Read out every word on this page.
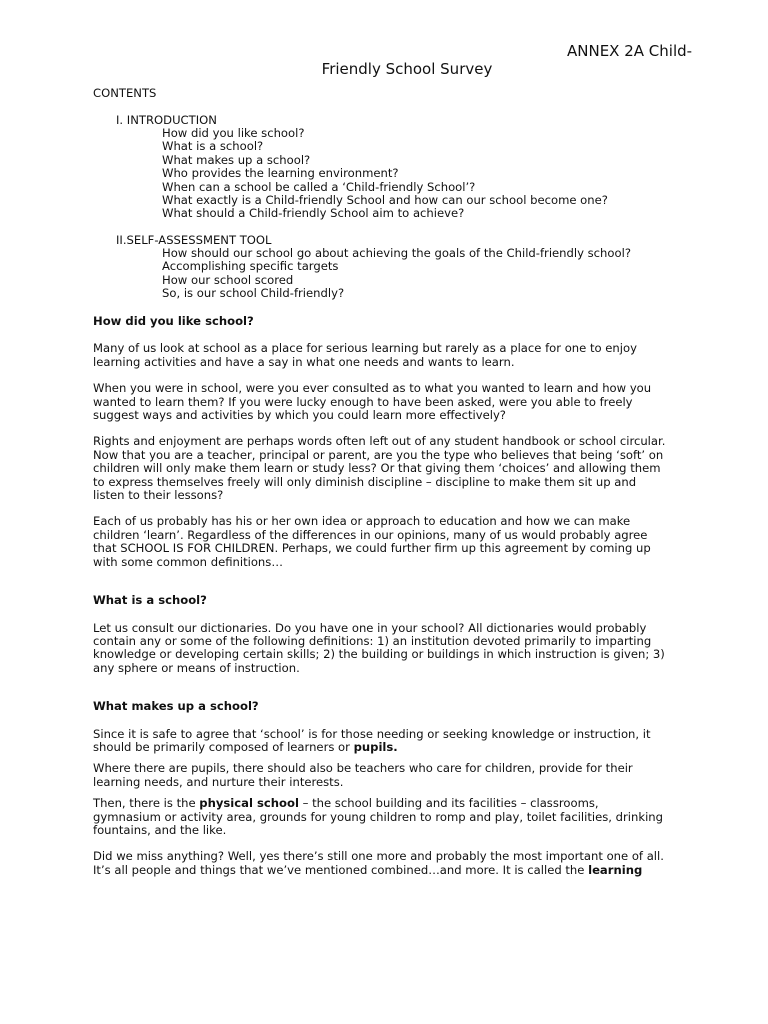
ANNEX 2A Child-
Friendly School Survey
CONTENTS
I. INTRODUCTION
How did you like school?
What is a school?
What makes up a school?
Who provides the learning environment?
When can a school be called a ‘Child-friendly School’?
What exactly is a Child-friendly School and how can our school become one?
What should a Child-friendly School aim to achieve?
II.SELF-ASSESSMENT TOOL
How should our school go about achieving the goals of the Child-friendly school?
Accomplishing specific targets
How our school scored
So, is our school Child-friendly?
How did you like school?

Many of us look at school as a place for serious learning but rarely as a place for one to enjoy
learning activities and have a say in what one needs and wants to learn.

When you were in school, were you ever consulted as to what you wanted to learn and how you
wanted to learn them? If you were lucky enough to have been asked, were you able to freely
suggest ways and activities by which you could learn more effectively?

Rights and enjoyment are perhaps words often left out of any student handbook or school circular.
Now that you are a teacher, principal or parent, are you the type who believes that being ‘soft’ on
children will only make them learn or study less? Or that giving them ‘choices’ and allowing them
to express themselves freely will only diminish discipline – discipline to make them sit up and
listen to their lessons?

Each of us probably has his or her own idea or approach to education and how we can make
children ‘learn’. Regardless of the differences in our opinions, many of us would probably agree
that SCHOOL IS FOR CHILDREN. Perhaps, we could further firm up this agreement by coming up
with some common definitions…

What is a school?

Let us consult our dictionaries. Do you have one in your school? All dictionaries would probably
contain any or some of the following definitions: 1) an institution devoted primarily to imparting
knowledge or developing certain skills; 2) the building or buildings in which instruction is given; 3)
any sphere or means of instruction.

What makes up a school?

Since it is safe to agree that ‘school’ is for those needing or seeking knowledge or instruction, it
should be primarily composed of learners or pupils.

Where there are pupils, there should also be teachers who care for children, provide for their
learning needs, and nurture their interests.

Then, there is the physical school – the school building and its facilities – classrooms,
gymnasium or activity area, grounds for young children to romp and play, toilet facilities, drinking
fountains, and the like.

Did we miss anything? Well, yes there’s still one more and probably the most important one of all.
It’s all people and things that we’ve mentioned combined…and more. It is called the learning
